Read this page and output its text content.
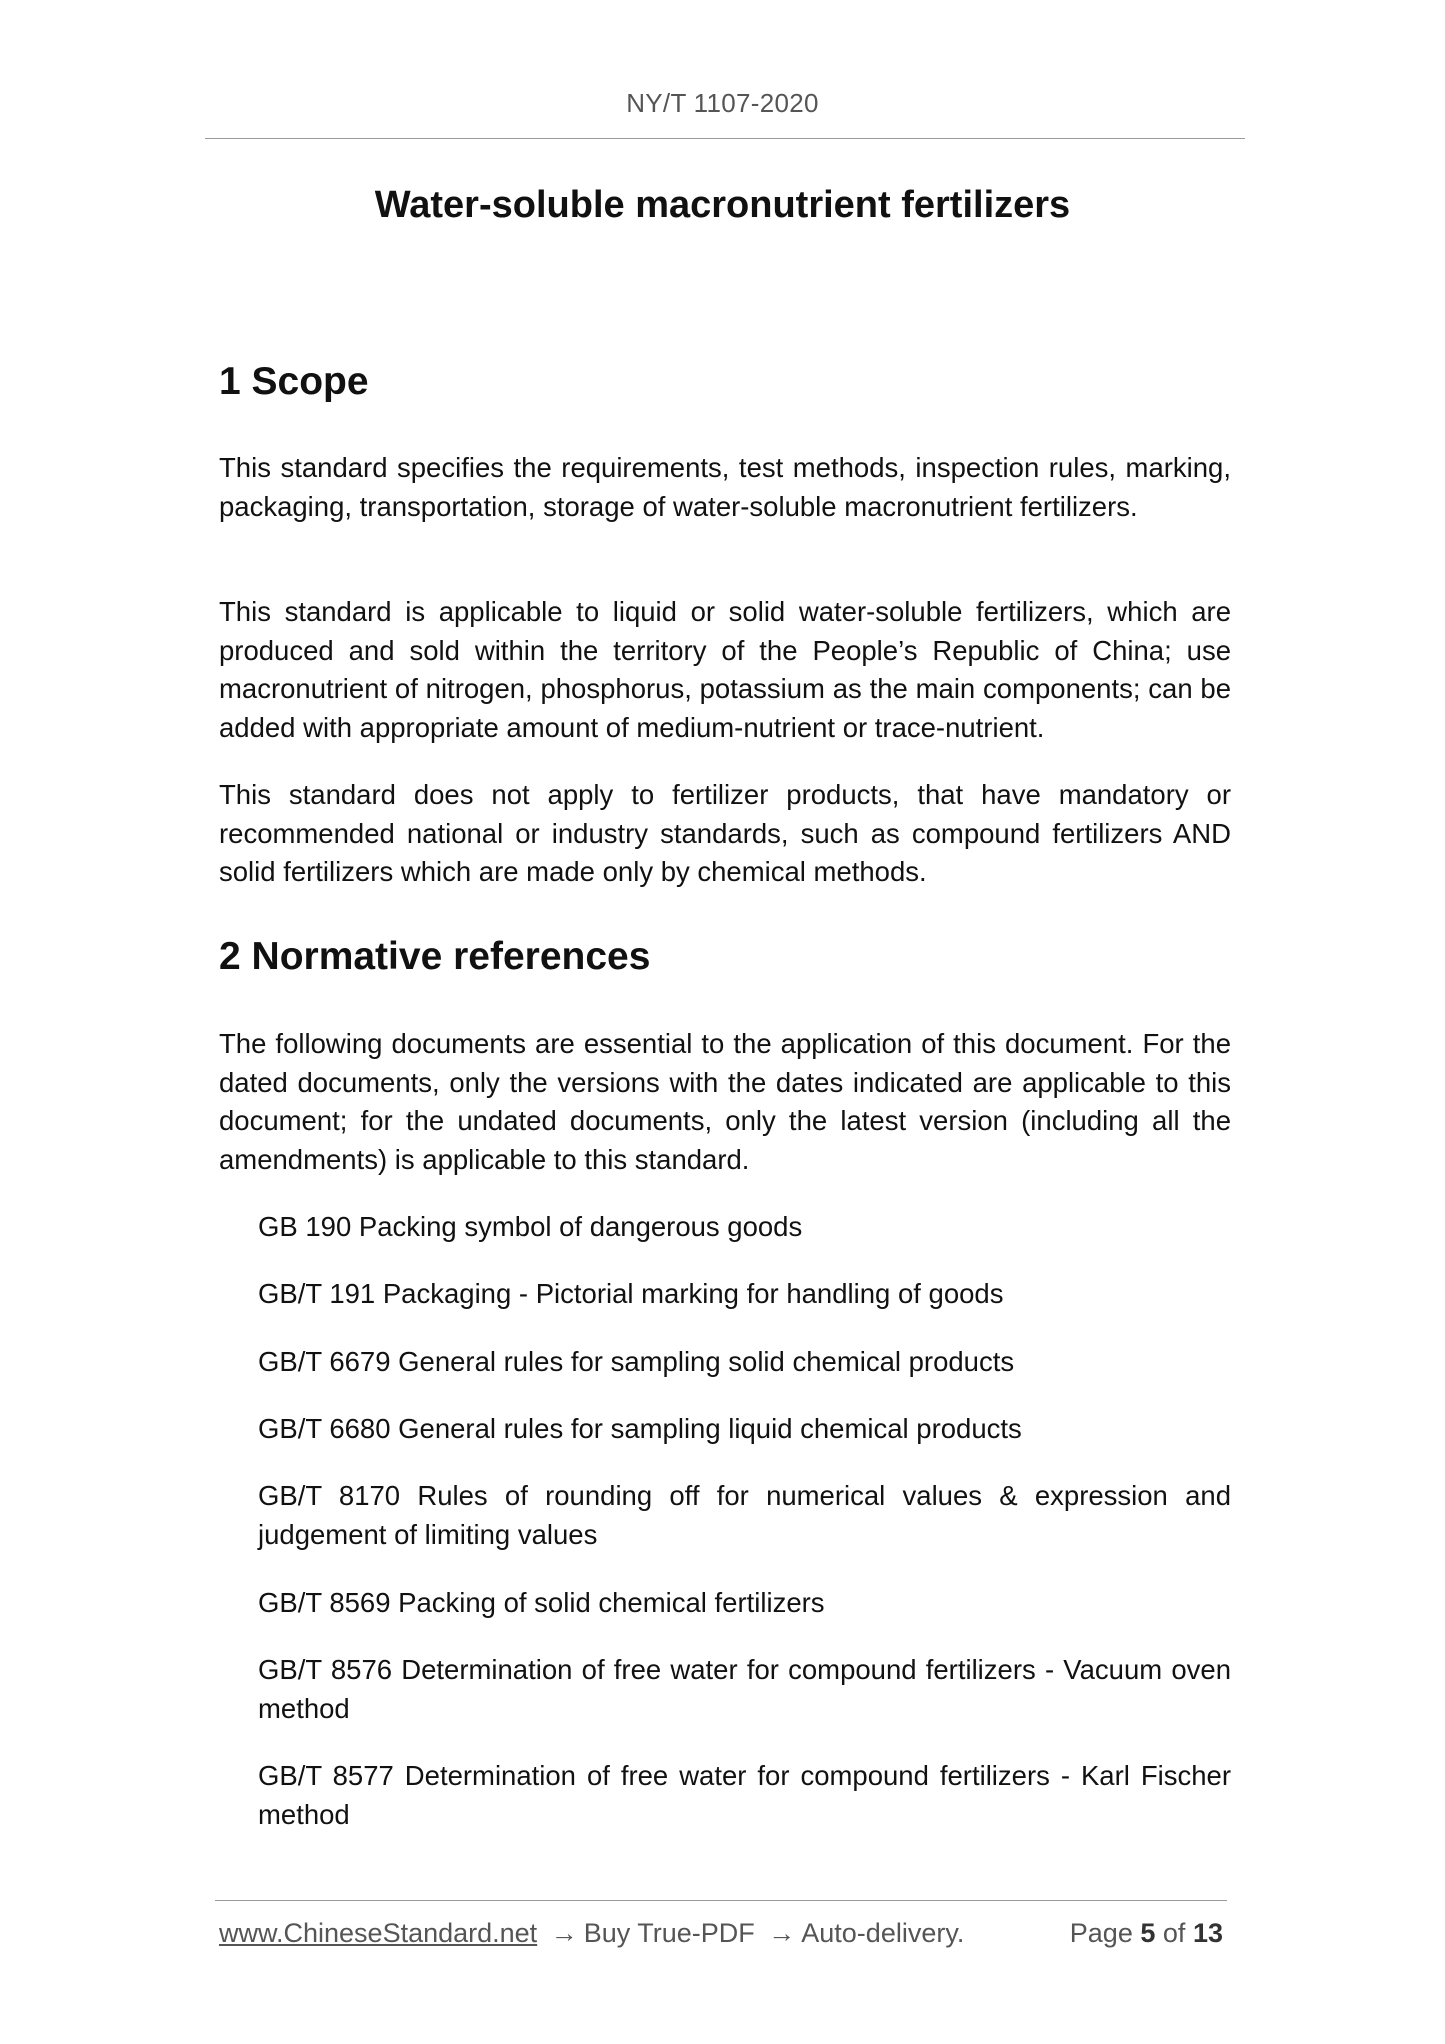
NY/T 1107-2020
Water-soluble macronutrient fertilizers
1 Scope
This standard specifies the requirements, test methods, inspection rules, marking, packaging, transportation, storage of water-soluble macronutrient fertilizers.
This standard is applicable to liquid or solid water-soluble fertilizers, which are produced and sold within the territory of the People’s Republic of China; use macronutrient of nitrogen, phosphorus, potassium as the main components; can be added with appropriate amount of medium-nutrient or trace-nutrient.
This standard does not apply to fertilizer products, that have mandatory or recommended national or industry standards, such as compound fertilizers AND solid fertilizers which are made only by chemical methods.
2 Normative references
The following documents are essential to the application of this document. For the dated documents, only the versions with the dates indicated are applicable to this document; for the undated documents, only the latest version (including all the amendments) is applicable to this standard.
GB 190 Packing symbol of dangerous goods
GB/T 191 Packaging - Pictorial marking for handling of goods
GB/T 6679 General rules for sampling solid chemical products
GB/T 6680 General rules for sampling liquid chemical products
GB/T 8170 Rules of rounding off for numerical values & expression and judgement of limiting values
GB/T 8569 Packing of solid chemical fertilizers
GB/T 8576 Determination of free water for compound fertilizers - Vacuum oven method
GB/T 8577 Determination of free water for compound fertilizers - Karl Fischer method
www.ChineseStandard.net → Buy True-PDF → Auto-delivery.	Page 5 of 13
